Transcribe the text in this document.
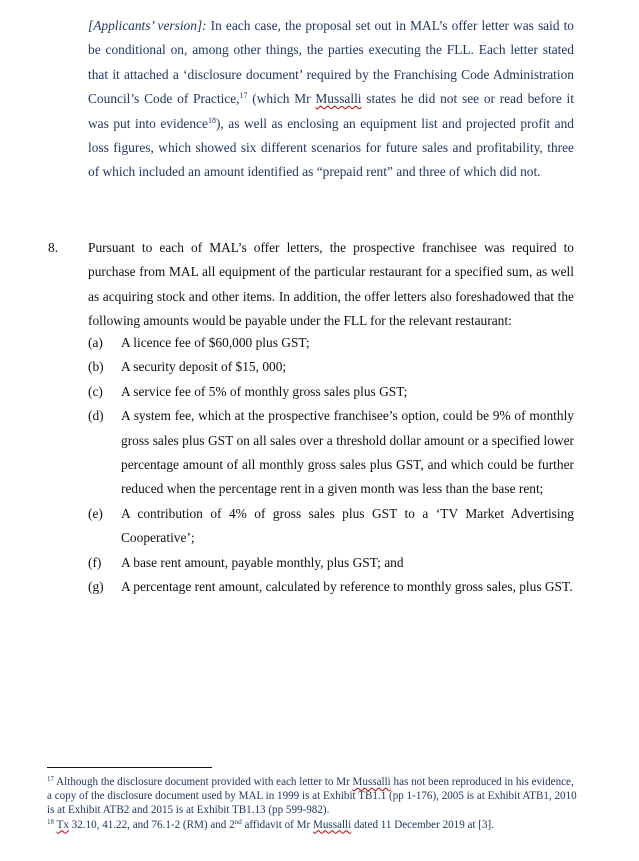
[Applicants’ version]: In each case, the proposal set out in MAL’s offer letter was said to be conditional on, among other things, the parties executing the FLL. Each letter stated that it attached a ‘disclosure document’ required by the Franchising Code Administration Council’s Code of Practice,$^{17}$ (which Mr Mussalli states he did not see or read before it was put into evidence$^{18}$), as well as enclosing an equipment list and projected profit and loss figures, which showed six different scenarios for future sales and profitability, three of which included an amount identified as “prepaid rent” and three of which did not.
8. Pursuant to each of MAL’s offer letters, the prospective franchisee was required to purchase from MAL all equipment of the particular restaurant for a specified sum, as well as acquiring stock and other items. In addition, the offer letters also foreshadowed that the following amounts would be payable under the FLL for the relevant restaurant:
(a)	A licence fee of $60,000 plus GST;
(b)	A security deposit of $15, 000;
(c)	A service fee of 5% of monthly gross sales plus GST;
(d)	A system fee, which at the prospective franchisee’s option, could be 9% of monthly gross sales plus GST on all sales over a threshold dollar amount or a specified lower percentage amount of all monthly gross sales plus GST, and which could be further reduced when the percentage rent in a given month was less than the base rent;
(e)	A contribution of 4% of gross sales plus GST to a ‘TV Market Advertising Cooperative’;
(f)	A base rent amount, payable monthly, plus GST; and
(g)	A percentage rent amount, calculated by reference to monthly gross sales, plus GST.

$^{17}$ Although the disclosure document provided with each letter to Mr Mussalli has not been reproduced in his evidence, a copy of the disclosure document used by MAL in 1999 is at Exhibit TB1.1 (pp 1-176), 2005 is at Exhibit ATB1, 2010 is at Exhibit ATB2 and 2015 is at Exhibit TB1.13 (pp 599-982).

$^{18}$ Tx 32.10, 41.22, and 76.1-2 (RM) and 2nd affidavit of Mr Mussalli dated 11 December 2019 at [3].
